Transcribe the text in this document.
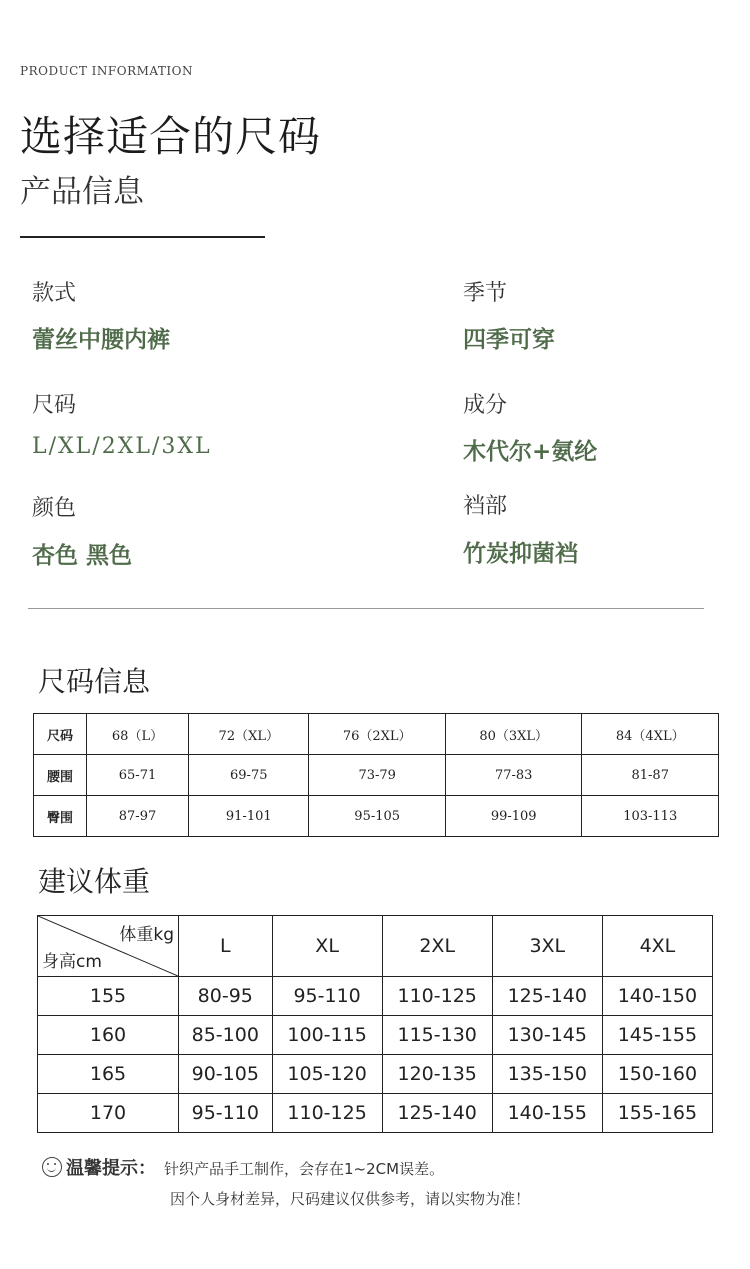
PRODUCT INFORMATION
选择适合的尺码
产品信息
款式
蕾丝中腰内裤
季节
四季可穿
尺码
L/XL/2XL/3XL
成分
木代尔+氨纶
颜色
杏色 黑色
裆部
竹炭抑菌裆
尺码信息
尺码	68（L）	72（XL）	76（2XL）	80（3XL）	84（4XL）
腰围	65-71	69-75	73-79	77-83	81-87
臀围	87-97	91-101	95-105	99-109	103-113
建议体重
体重kg
身高cm	L	XL	2XL	3XL	4XL
155	80-95	95-110	110-125	125-140	140-150
160	85-100	100-115	115-130	130-145	145-155
165	90-105	105-120	120-135	135-150	150-160
170	95-110	110-125	125-140	140-155	155-165
温馨提示： 针织产品手工制作，会存在1~2CM误差。
因个人身材差异，尺码建议仅供参考，请以实物为准！
